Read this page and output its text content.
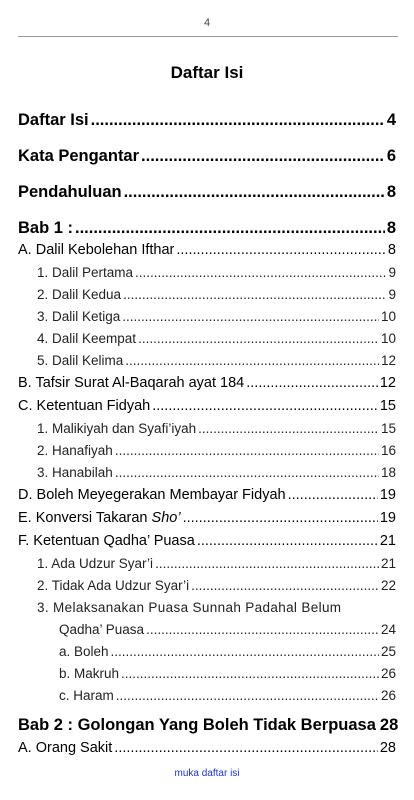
4
Daftar Isi
Daftar Isi .....	4
Kata Pengantar .....	6
Pendahuluan .....	8
Bab 1 : .....	8
A. Dalil Kebolehan Ifthar .....	8
1. Dalil Pertama .....	9
2. Dalil Kedua .....	9
3. Dalil Ketiga .....	10
4. Dalil Keempat .....	10
5. Dalil Kelima .....	12
B. Tafsir Surat Al-Baqarah ayat 184 .....	12
C. Ketentuan Fidyah .....	15
1. Malikiyah dan Syafi’iyah .....	15
2. Hanafiyah .....	16
3. Hanabilah .....	18
D. Boleh Meyegerakan Membayar Fidyah .....	19
E. Konversi Takaran Sho’ .....	19
F. Ketentuan Qadha’ Puasa .....	21
1. Ada Udzur Syar’i .....	21
2. Tidak Ada Udzur Syar’i .....	22
3. Melaksanakan Puasa Sunnah Padahal Belum
Qadha’ Puasa .....	24
a. Boleh .....	25
b. Makruh .....	26
c. Haram .....	26
Bab 2 : Golongan Yang Boleh Tidak Berpuasa 28
A. Orang Sakit .....	28
muka daftar isi
